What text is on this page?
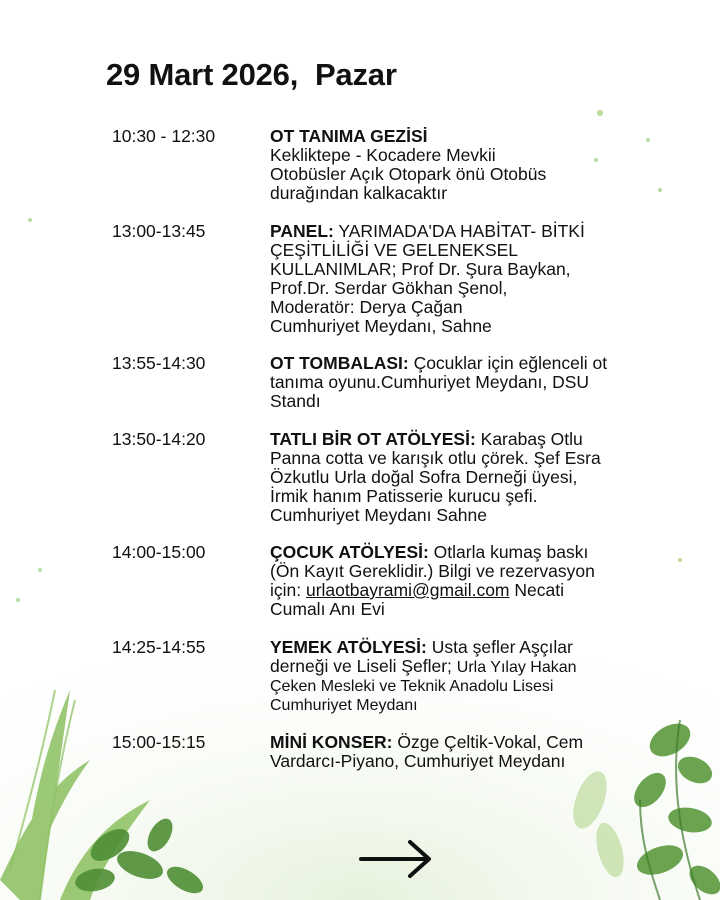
29 Mart 2026,  Pazar
10:30 - 12:30	OT TANIMA GEZİSİ
Kekliktepe - Kocadere Mevkii
Otobüsler Açık Otopark önü Otobüs
durağından kalkacaktır
13:00-13:45	PANEL: YARIMADA'DA HABİTAT- BİTKİ
ÇEŞİTLİLİĞİ VE GELENEKSEL
KULLANIMLAR; Prof Dr. Şura Baykan,
Prof.Dr. Serdar Gökhan Şenol,
Moderatör: Derya Çağan
Cumhuriyet Meydanı, Sahne
13:55-14:30	OT TOMBALASI: Çocuklar için eğlenceli ot
tanıma oyunu.Cumhuriyet Meydanı, DSU
Standı
13:50-14:20	TATLI BİR OT ATÖLYESİ: Karabaş Otlu
Panna cotta ve karışık otlu çörek. Şef Esra
Özkutlu Urla doğal Sofra Derneği üyesi,
İrmik hanım Patisserie kurucu şefi.
Cumhuriyet Meydanı Sahne
14:00-15:00	ÇOCUK ATÖLYESİ: Otlarla kumaş baskı
(Ön Kayıt Gereklidir.) Bilgi ve rezervasyon
için: urlaotbayrami@gmail.com Necati
Cumalı Anı Evi
14:25-14:55	YEMEK ATÖLYESİ: Usta şefler Aşçılar
derneği ve Liseli Şefler; Urla Yılay Hakan
Çeken Mesleki ve Teknik Anadolu Lisesi
Cumhuriyet Meydanı
15:00-15:15	MİNİ KONSER: Özge Çeltik-Vokal, Cem
Vardarcı-Piyano, Cumhuriyet Meydanı
